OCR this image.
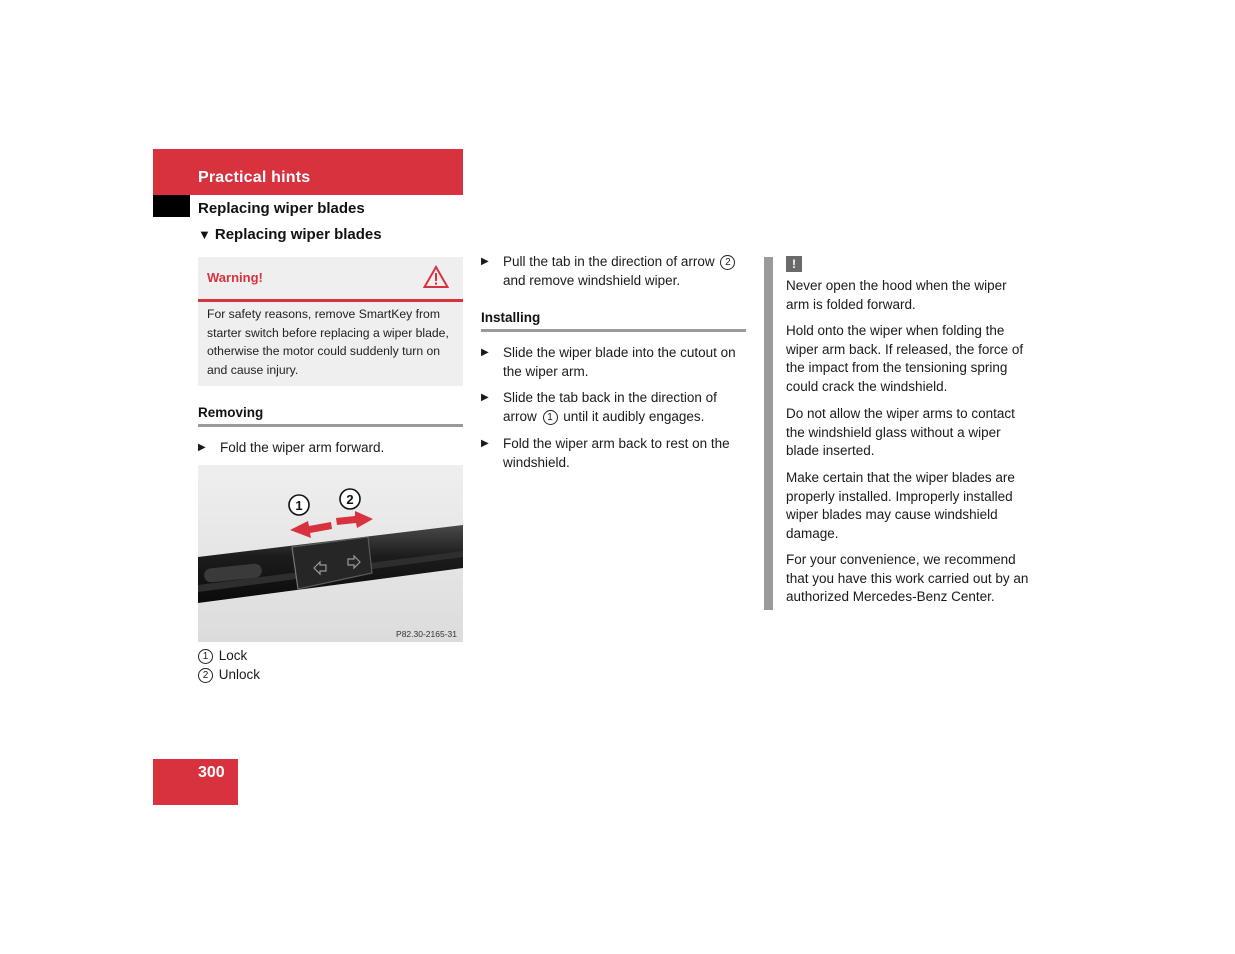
Practical hints
Replacing wiper blades
▼ Replacing wiper blades
Warning!
For safety reasons, remove SmartKey from starter switch before replacing a wiper blade, otherwise the motor could suddenly turn on and cause injury.
Removing
▶ Fold the wiper arm forward.
1	2
P82.30-2165-31
1 Lock
2 Unlock
▶ Pull the tab in the direction of arrow 2
and remove windshield wiper.
Installing
▶ Slide the wiper blade into the cutout on the wiper arm.
▶ Slide the tab back in the direction of arrow 1 until it audibly engages.
▶ Fold the wiper arm back to rest on the windshield.
!
Never open the hood when the wiper arm is folded forward.
Hold onto the wiper when folding the wiper arm back. If released, the force of the impact from the tensioning spring could crack the windshield.
Do not allow the wiper arms to contact the windshield glass without a wiper blade inserted.
Make certain that the wiper blades are properly installed. Improperly installed wiper blades may cause windshield damage.
For your convenience, we recommend that you have this work carried out by an authorized Mercedes-Benz Center.
300
